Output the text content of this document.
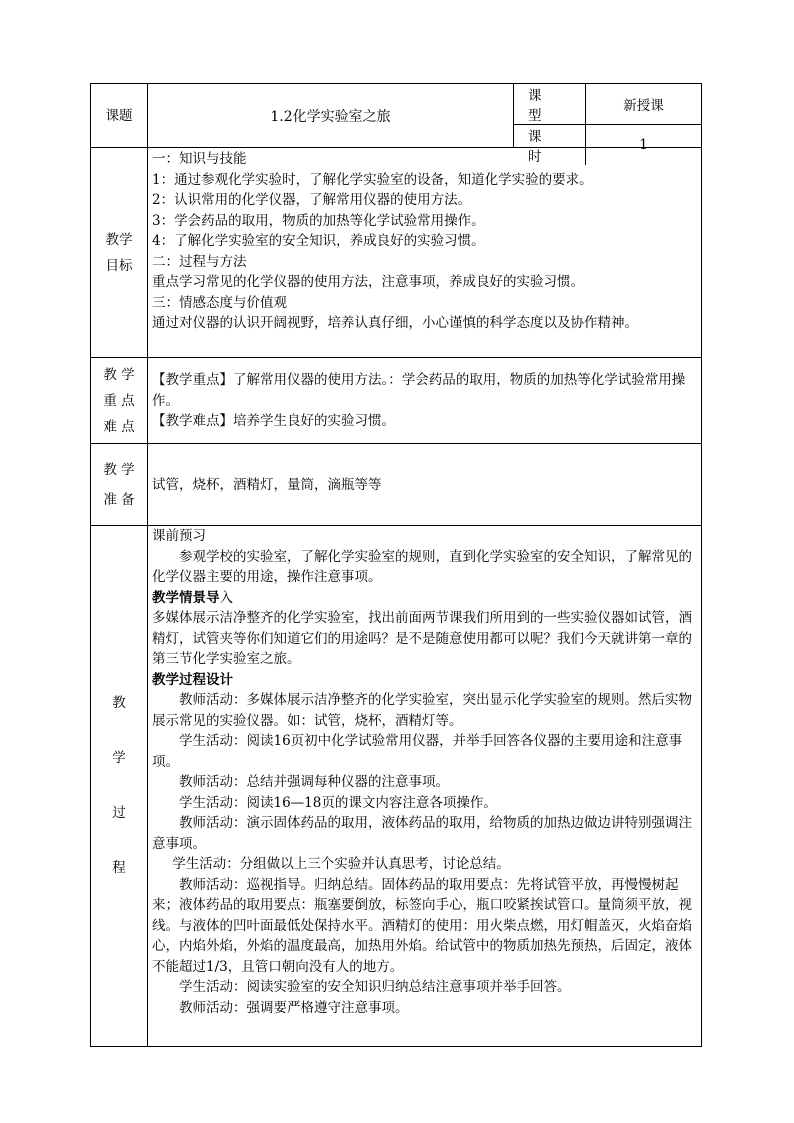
课题	1.2化学实验室之旅
课 型
新授课
课 时
1
教学
目标
一：知识与技能
1：通过参观化学实验时，了解化学实验室的设备，知道化学实验的要求。
2：认识常用的化学仪器，了解常用仪器的使用方法。
3：学会药品的取用，物质的加热等化学试验常用操作。
4：了解化学实验室的安全知识，养成良好的实验习惯。
二：过程与方法
重点学习常见的化学仪器的使用方法，注意事项，养成良好的实验习惯。
三：情感态度与价值观
通过对仪器的认识开阔视野，培养认真仔细，小心谨慎的科学态度以及协作精神。
教 学
重 点
难 点
【教学重点】了解常用仪器的使用方法。：学会药品的取用，物质的加热等化学试验常用操作。
【教学难点】培养学生良好的实验习惯。
教 学
准 备
试管，烧杯，酒精灯，量筒，滴瓶等等
教
学
过
程
课前预习
参观学校的实验室，了解化学实验室的规则，直到化学实验室的安全知识，了解常见的化学仪器主要的用途，操作注意事项。
教学情景导入
多媒体展示洁净整齐的化学实验室，找出前面两节课我们所用到的一些实验仪器如试管，酒精灯，试管夹等你们知道它们的用途吗？是不是随意使用都可以呢？我们今天就讲第一章的第三节化学实验室之旅。
教学过程设计
教师活动：多媒体展示洁净整齐的化学实验室，突出显示化学实验室的规则。然后实物展示常见的实验仪器。如：试管，烧杯，酒精灯等。
学生活动：阅读16页初中化学试验常用仪器，并举手回答各仪器的主要用途和注意事项。
教师活动：总结并强调每种仪器的注意事项。
学生活动：阅读16—18页的课文内容注意各项操作。
教师活动：演示固体药品的取用，液体药品的取用，给物质的加热边做边讲特别强调注意事项。
学生活动：分组做以上三个实验并认真思考，讨论总结。
教师活动：巡视指导。归纳总结。固体药品的取用要点：先将试管平放，再慢慢树起来；液体药品的取用要点：瓶塞要倒放，标签向手心，瓶口咬紧挨试管口。量筒须平放，视线。与液体的凹叶面最低处保持水平。酒精灯的使用：用火柴点燃，用灯帽盖灭，火焰奋焰心，内焰外焰，外焰的温度最高，加热用外焰。给试管中的物质加热先预热，后固定，液体不能超过1/3，且管口朝向没有人的地方。
学生活动：阅读实验室的安全知识归纳总结注意事项并举手回答。
教师活动：强调要严格遵守注意事项。
